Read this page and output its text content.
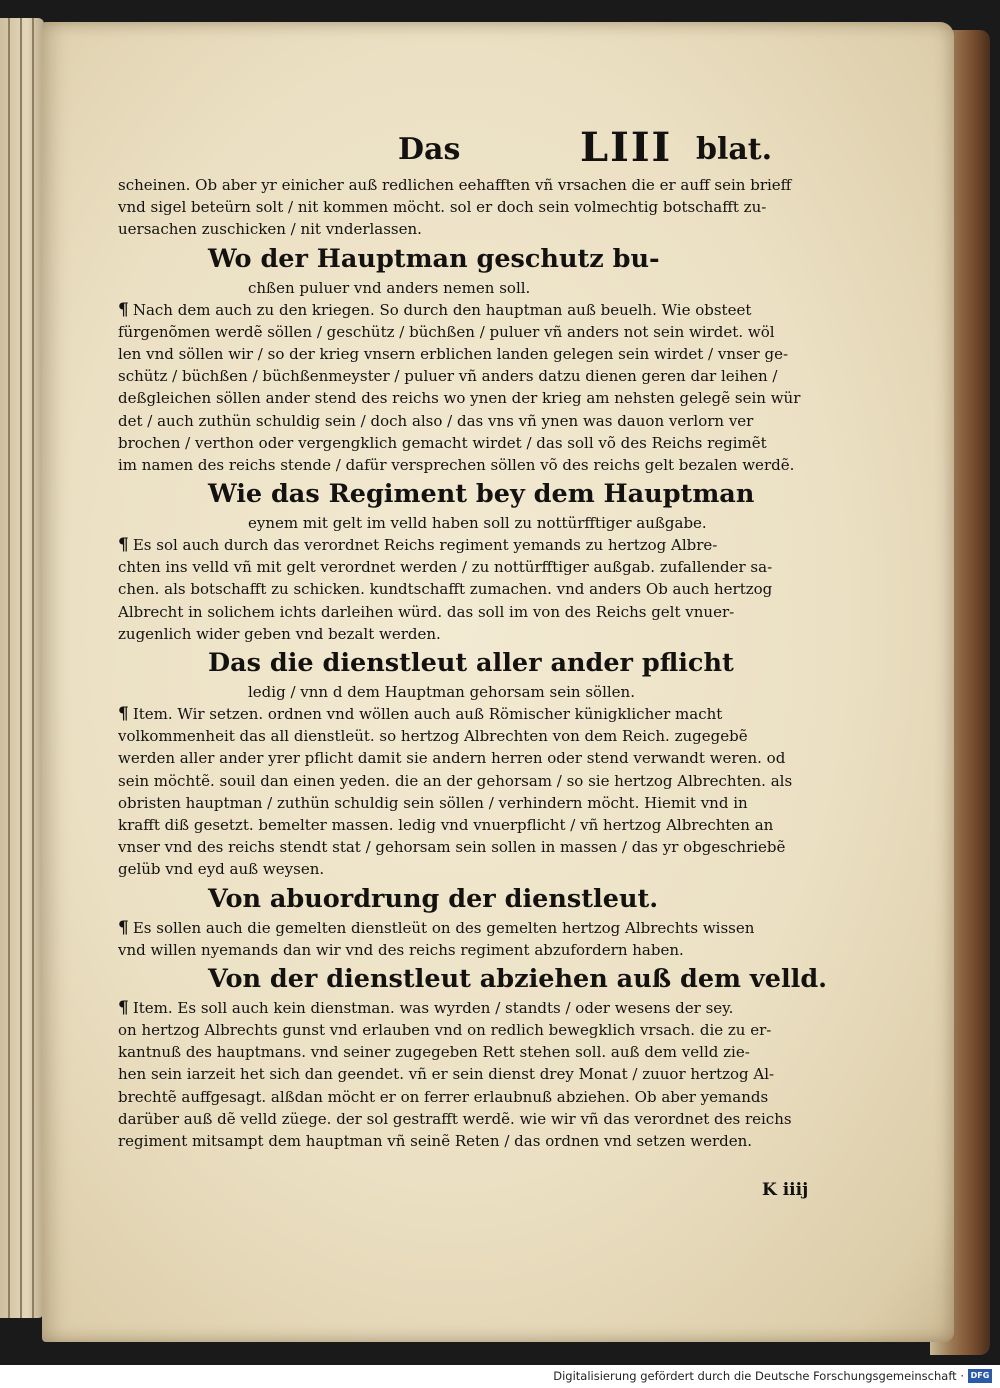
Das	LIII blat.
scheinen. Ob aber yr einicher auß redlichen eehafften vñ vrsachen die er auff sein brieff
vnd sigel beteürn solt / nit kommen möcht. sol er doch sein volmechtig botschafft zu-
uersachen zuschicken / nit vnderlassen.
Wo der Hauptman geschutz bu-
chßen puluer vnd anders nemen soll.
¶ Nach dem auch zu den kriegen. So durch den hauptman auß beuelh. Wie obsteet
fürgenõmen werdẽ söllen / geschütz / büchßen / puluer vñ anders not sein wirdet. wöl
len vnd söllen wir / so der krieg vnsern erblichen landen gelegen sein wirdet / vnser ge-
schütz / büchßen / büchßenmeyster / puluer vñ anders datzu dienen geren dar leihen /
deßgleichen söllen ander stend des reichs wo ynen der krieg am nehsten gelegẽ sein wür
det / auch zuthün schuldig sein / doch also / das vns vñ ynen was dauon verlorn ver
brochen / verthon oder vergengklich gemacht wirdet / das soll võ des Reichs regimẽt
im namen des reichs stende / dafür versprechen söllen võ des reichs gelt bezalen werdẽ.
Wie das Regiment bey dem Hauptman
eynem mit gelt im velld haben soll zu nottürfftiger außgabe.
¶ Es sol auch durch das verordnet Reichs regiment yemands zu hertzog Albre-
chten ins velld vñ mit gelt verordnet werden / zu nottürfftiger außgab. zufallender sa-
chen. als botschafft zu schicken. kundtschafft zumachen. vnd anders Ob auch hertzog
Albrecht in solichem ichts darleihen würd. das soll im von des Reichs gelt vnuer-
zugenlich wider geben vnd bezalt werden.
Das die dienstleut aller ander pflicht
ledig / vnn d dem Hauptman gehorsam sein söllen.
¶ Item. Wir setzen. ordnen vnd wöllen auch auß Römischer künigklicher macht
volkommenheit das all dienstleüt. so hertzog Albrechten von dem Reich. zugegebẽ
werden aller ander yrer pflicht damit sie andern herren oder stend verwandt weren. od
sein möchtẽ. souil dan einen yeden. die an der gehorsam / so sie hertzog Albrechten. als
obristen hauptman / zuthün schuldig sein söllen / verhindern möcht. Hiemit vnd in
krafft diß gesetzt. bemelter massen. ledig vnd vnuerpflicht / vñ hertzog Albrechten an
vnser vnd des reichs stendt stat / gehorsam sein sollen in massen / das yr obgeschriebẽ
gelüb vnd eyd auß weysen.
Von abuordrung der dienstleut.
¶ Es sollen auch die gemelten dienstleüt on des gemelten hertzog Albrechts wissen
vnd willen nyemands dan wir vnd des reichs regiment abzufordern haben.
Von der dienstleut abziehen auß dem velld.
¶ Item. Es soll auch kein dienstman. was wyrden / standts / oder wesens der sey.
on hertzog Albrechts gunst vnd erlauben vnd on redlich bewegklich vrsach. die zu er-
kantnuß des hauptmans. vnd seiner zugegeben Rett stehen soll. auß dem velld zie-
hen sein iarzeit het sich dan geendet. vñ er sein dienst drey Monat / zuuor hertzog Al-
brechtẽ auffgesagt. alßdan möcht er on ferrer erlaubnuß abziehen. Ob aber yemands
darüber auß dẽ velld züege. der sol gestrafft werdẽ. wie wir vñ das verordnet des reichs
regiment mitsampt dem hauptman vñ seinẽ Reten / das ordnen vnd setzen werden.
K iiij
Digitalisierung gefördert durch die Deutsche Forschungsgemeinschaft · DFG
